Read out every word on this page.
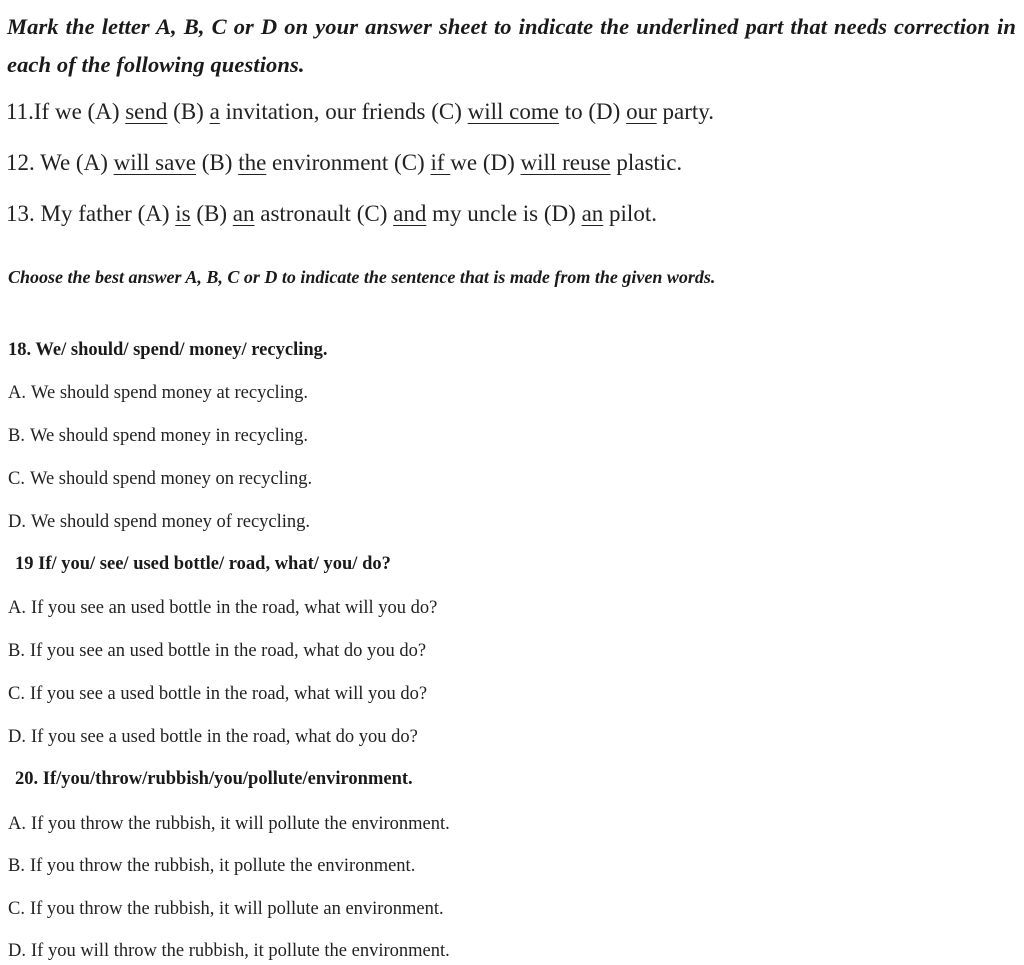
Mark the letter A, B, C or D on your answer sheet to indicate the underlined part that needs correction in each of the following questions.
11.If we (A) send (B) a invitation, our friends (C) will come to (D) our party.
12. We (A) will save (B) the environment (C) if we (D) will reuse plastic.
13. My father (A) is (B) an astronault (C) and my uncle is (D) an pilot.
Choose the best answer A, B, C or D to indicate the sentence that is made from the given words.
18. We/ should/ spend/ money/ recycling.
A. We should spend money at recycling.
B. We should spend money in recycling.
C. We should spend money on recycling.
D. We should spend money of recycling.
19 If/ you/ see/ used bottle/ road, what/ you/ do?
A. If you see an used bottle in the road, what will you do?
B. If you see an used bottle in the road, what do you do?
C. If you see a used bottle in the road, what will you do?
D. If you see a used bottle in the road, what do you do?
20. If/you/throw/rubbish/you/pollute/environment.
A. If you throw the rubbish, it will pollute the environment.
B. If you throw the rubbish, it pollute the environment.
C. If you throw the rubbish, it will pollute an environment.
D. If you will throw the rubbish, it pollute the environment.
